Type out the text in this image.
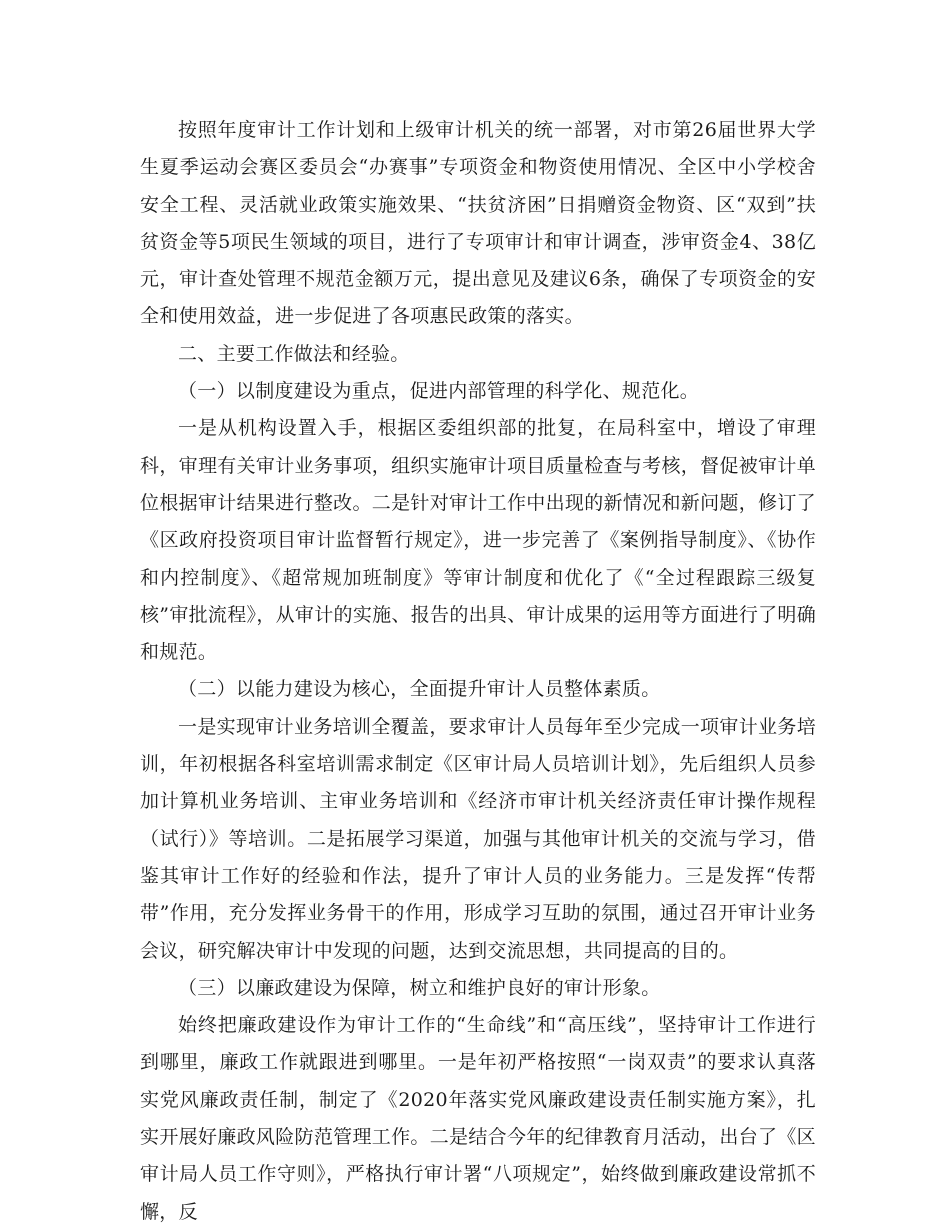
按照年度审计工作计划和上级审计机关的统一部署，对市第26届世界大学生夏季运动会赛区委员会“办赛事”专项资金和物资使用情况、全区中小学校舍安全工程、灵活就业政策实施效果、“扶贫济困”日捐赠资金物资、区“双到”扶贫资金等5项民生领域的项目，进行了专项审计和审计调查，涉审资金4、38亿元，审计查处管理不规范金额万元，提出意见及建议6条，确保了专项资金的安全和使用效益，进一步促进了各项惠民政策的落实。

二、主要工作做法和经验。

（一）以制度建设为重点，促进内部管理的科学化、规范化。

一是从机构设置入手，根据区委组织部的批复，在局科室中，增设了审理科，审理有关审计业务事项，组织实施审计项目质量检查与考核，督促被审计单位根据审计结果进行整改。二是针对审计工作中出现的新情况和新问题，修订了《区政府投资项目审计监督暂行规定》，进一步完善了《案例指导制度》、《协作和内控制度》、《超常规加班制度》等审计制度和优化了《“全过程跟踪三级复核”审批流程》，从审计的实施、报告的出具、审计成果的运用等方面进行了明确和规范。

（二）以能力建设为核心，全面提升审计人员整体素质。

一是实现审计业务培训全覆盖，要求审计人员每年至少完成一项审计业务培训，年初根据各科室培训需求制定《区审计局人员培训计划》，先后组织人员参加计算机业务培训、主审业务培训和《经济市审计机关经济责任审计操作规程（试行）》等培训。二是拓展学习渠道，加强与其他审计机关的交流与学习，借鉴其审计工作好的经验和作法，提升了审计人员的业务能力。三是发挥“传帮带”作用，充分发挥业务骨干的作用，形成学习互助的氛围，通过召开审计业务会议，研究解决审计中发现的问题，达到交流思想，共同提高的目的。

（三）以廉政建设为保障，树立和维护良好的审计形象。

始终把廉政建设作为审计工作的“生命线”和“高压线”，坚持审计工作进行到哪里，廉政工作就跟进到哪里。一是年初严格按照“一岗双责”的要求认真落实党风廉政责任制，制定了《2020年落实党风廉政建设责任制实施方案》，扎实开展好廉政风险防范管理工作。二是结合今年的纪律教育月活动，出台了《区审计局人员工作守则》，严格执行审计署“八项规定”，始终做到廉政建设常抓不懈，反
